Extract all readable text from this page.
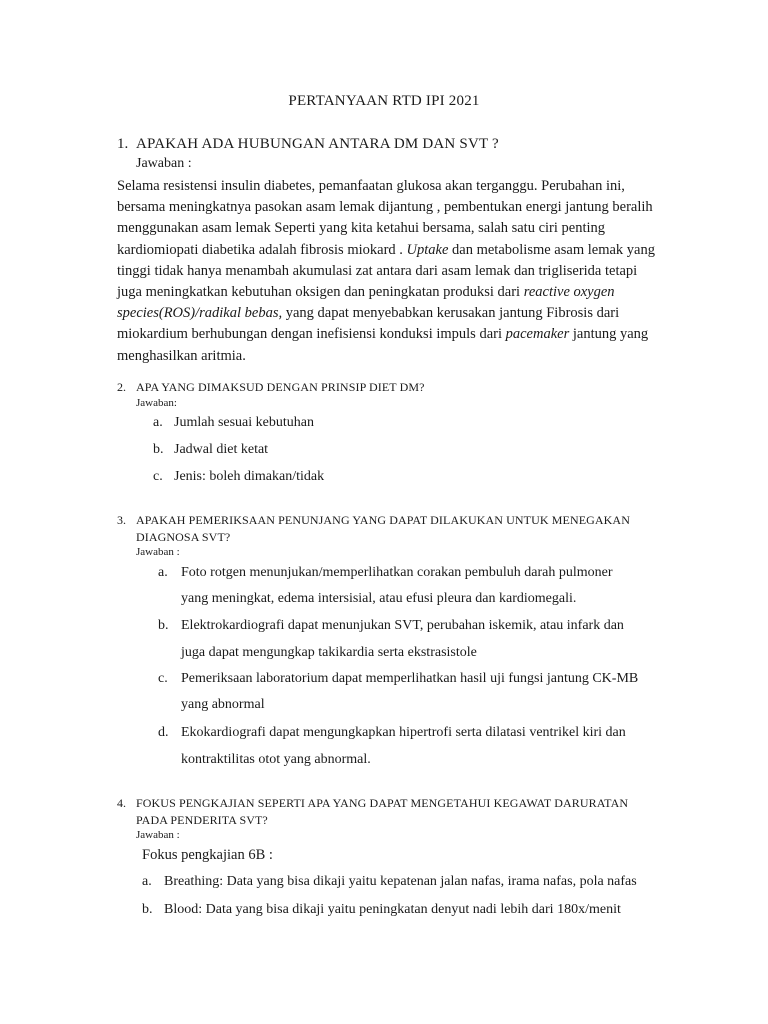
PERTANYAAN RTD IPI 2021
1. APAKAH ADA HUBUNGAN ANTARA DM DAN SVT ?
Jawaban :
Selama resistensi insulin diabetes, pemanfaatan glukosa akan terganggu. Perubahan ini,
bersama meningkatnya pasokan asam lemak dijantung , pembentukan energi jantung beralih
menggunakan asam lemak Seperti yang kita ketahui bersama, salah satu ciri penting
kardiomiopati diabetika adalah fibrosis miokard . Uptake dan metabolisme asam lemak yang
tinggi tidak hanya menambah akumulasi zat antara dari asam lemak dan trigliserida tetapi
juga meningkatkan kebutuhan oksigen dan peningkatan produksi dari reactive oxygen
species(ROS)/radikal bebas, yang dapat menyebabkan kerusakan jantung Fibrosis dari
miokardium berhubungan dengan inefisiensi konduksi impuls dari pacemaker jantung yang
menghasilkan aritmia.
2. APA YANG DIMAKSUD DENGAN PRINSIP DIET DM?
Jawaban:
a. Jumlah sesuai kebutuhan
b. Jadwal diet ketat
c. Jenis: boleh dimakan/tidak
3. APAKAH PEMERIKSAAN PENUNJANG YANG DAPAT DILAKUKAN UNTUK MENEGAKAN
DIAGNOSA SVT?
Jawaban :
a. Foto rotgen menunjukan/memperlihatkan corakan pembuluh darah pulmoner
yang meningkat, edema intersisial, atau efusi pleura dan kardiomegali.
b. Elektrokardiografi dapat menunjukan SVT, perubahan iskemik, atau infark dan
juga dapat mengungkap takikardia serta ekstrasistole
c. Pemeriksaan laboratorium dapat memperlihatkan hasil uji fungsi jantung CK-MB
yang abnormal
d. Ekokardiografi dapat mengungkapkan hipertrofi serta dilatasi ventrikel kiri dan
kontraktilitas otot yang abnormal.
4. FOKUS PENGKAJIAN SEPERTI APA YANG DAPAT MENGETAHUI KEGAWAT DARURATAN
PADA PENDERITA SVT?
Jawaban :
Fokus pengkajian 6B :
a. Breathing: Data yang bisa dikaji yaitu kepatenan jalan nafas, irama nafas, pola nafas
b. Blood: Data yang bisa dikaji yaitu peningkatan denyut nadi lebih dari 180x/menit
